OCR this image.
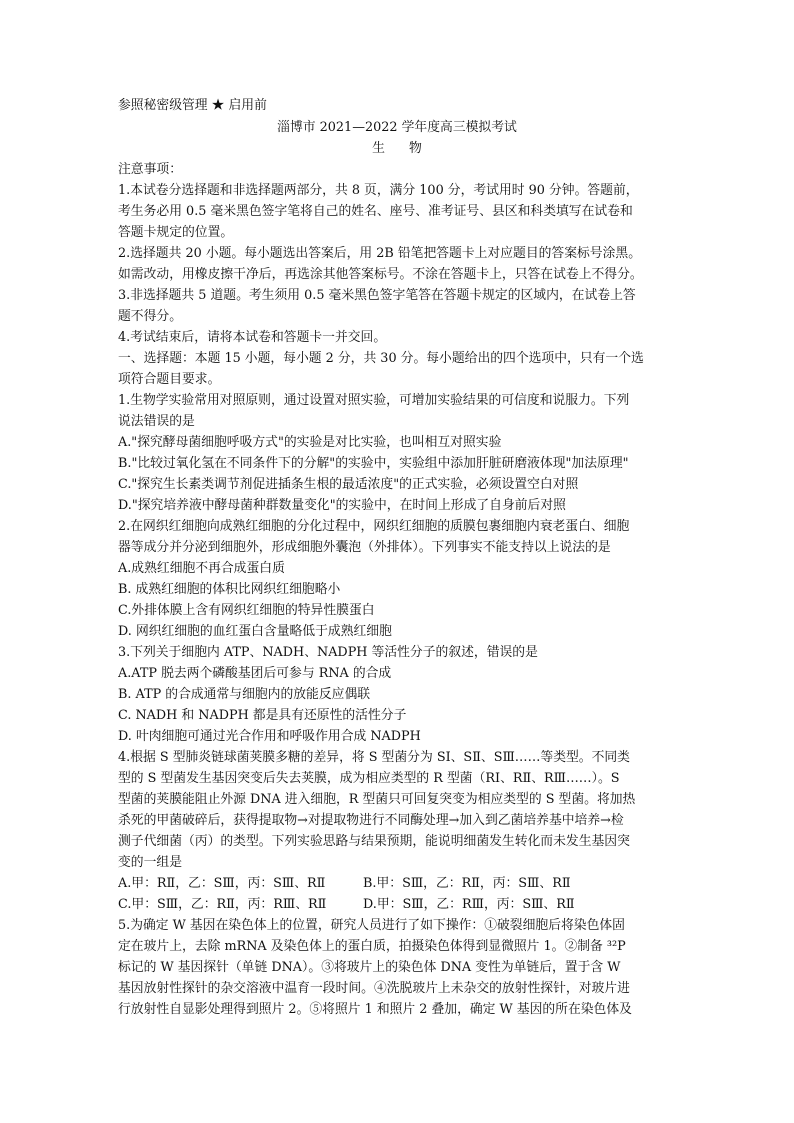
参照秘密级管理 ★ 启用前
淄博市 2021—2022 学年度高三模拟考试
生 物
注意事项：
1.本试卷分选择题和非选择题两部分，共 8 页，满分 100 分，考试用时 90 分钟。答题前，
考生务必用 0.5 毫米黑色签字笔将自己的姓名、座号、准考证号、县区和科类填写在试卷和
答题卡规定的位置。
2.选择题共 20 小题。每小题选出答案后，用 2B 铅笔把答题卡上对应题目的答案标号涂黑。
如需改动，用橡皮擦干净后，再选涂其他答案标号。不涂在答题卡上，只答在试卷上不得分。
3.非选择题共 5 道题。考生须用 0.5 毫米黑色签字笔答在答题卡规定的区域内，在试卷上答
题不得分。
4.考试结束后，请将本试卷和答题卡一并交回。
一、选择题：本题 15 小题，每小题 2 分，共 30 分。每小题给出的四个选项中，只有一个选
项符合题目要求。
1.生物学实验常用对照原则，通过设置对照实验，可增加实验结果的可信度和说服力。下列
说法错误的是
A."探究酵母菌细胞呼吸方式"的实验是对比实验，也叫相互对照实验
B."比较过氧化氢在不同条件下的分解"的实验中，实验组中添加肝脏研磨液体现"加法原理"
C."探究生长素类调节剂促进插条生根的最适浓度"的正式实验，必须设置空白对照
D."探究培养液中酵母菌种群数量变化"的实验中，在时间上形成了自身前后对照
2.在网织红细胞向成熟红细胞的分化过程中，网织红细胞的质膜包裹细胞内衰老蛋白、细胞
器等成分并分泌到细胞外，形成细胞外囊泡（外排体）。下列事实不能支持以上说法的是
A.成熟红细胞不再合成蛋白质
B. 成熟红细胞的体积比网织红细胞略小
C.外排体膜上含有网织红细胞的特异性膜蛋白
D. 网织红细胞的血红蛋白含量略低于成熟红细胞
3.下列关于细胞内 ATP、NADH、NADPH 等活性分子的叙述，错误的是
A.ATP 脱去两个磷酸基团后可参与 RNA 的合成
B. ATP 的合成通常与细胞内的放能反应偶联
C. NADH 和 NADPH 都是具有还原性的活性分子
D. 叶肉细胞可通过光合作用和呼吸作用合成 NADPH
4.根据 S 型肺炎链球菌荚膜多糖的差异，将 S 型菌分为 SⅠ、SⅡ、SⅢ……等类型。不同类
型的 S 型菌发生基因突变后失去荚膜，成为相应类型的 R 型菌（RⅠ、RⅡ、RⅢ……）。S
型菌的荚膜能阻止外源 DNA 进入细胞，R 型菌只可回复突变为相应类型的 S 型菌。将加热
杀死的甲菌破碎后，获得提取物→对提取物进行不同酶处理→加入到乙菌培养基中培养→检
测子代细菌（丙）的类型。下列实验思路与结果预期，能说明细菌发生转化而未发生基因突
变的一组是
A.甲：RⅡ，乙：SⅢ，丙：SⅢ、RⅡ	B.甲：SⅢ，乙：RⅡ，丙：SⅢ、RⅡ
C.甲：SⅢ，乙：RⅡ，丙：RⅢ、RⅡ	D.甲：SⅢ，乙：RⅢ，丙：SⅢ、RⅡ
5.为确定 W 基因在染色体上的位置，研究人员进行了如下操作：①破裂细胞后将染色体固
定在玻片上，去除 mRNA 及染色体上的蛋白质，拍摄染色体得到显微照片 1。②制备 ³²P
标记的 W 基因探针（单链 DNA）。③将玻片上的染色体 DNA 变性为单链后，置于含 W
基因放射性探针的杂交溶液中温育一段时间。④洗脱玻片上未杂交的放射性探针，对玻片进
行放射性自显影处理得到照片 2。⑤将照片 1 和照片 2 叠加，确定 W 基因的所在染色体及
